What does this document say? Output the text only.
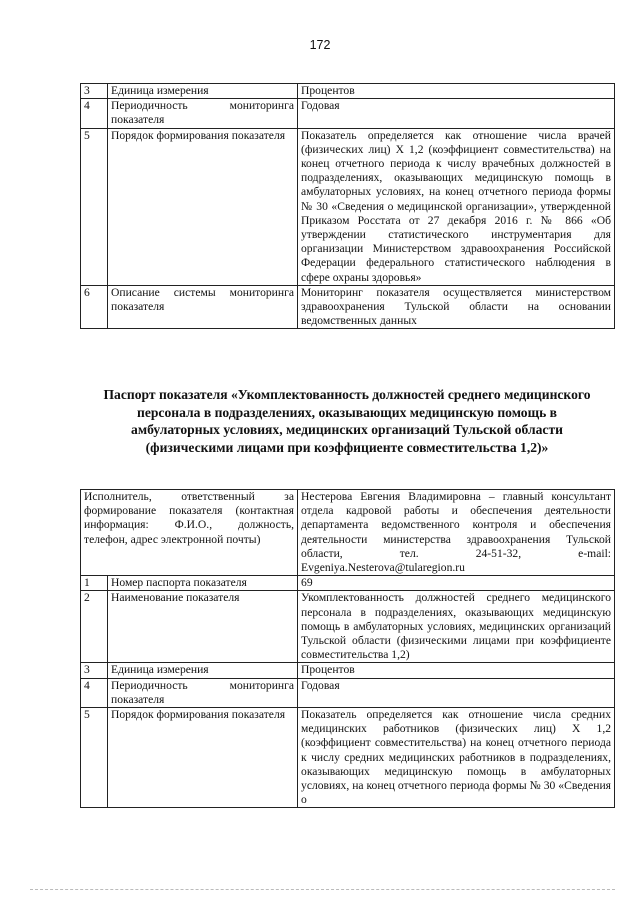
172
3	Единица измерения	Процентов
4	Периодичность мониторинга показателя	Годовая
5	Порядок формирования показателя	Показатель определяется как отношение числа врачей (физических лиц) Х 1,2 (коэффициент совместительства) на конец отчетного периода к числу врачебных должностей в подразделениях, оказывающих медицинскую помощь в амбулаторных условиях, на конец отчетного периода формы № 30 «Сведения о медицинской организации», утвержденной Приказом Росстата от 27 декабря 2016 г. № 866 «Об утверждении статистического инструментария для организации Министерством здравоохранения Российской Федерации федерального статистического наблюдения в сфере охраны здоровья»
6	Описание системы мониторинга показателя	Мониторинг показателя осуществляется министерством здравоохранения Тульской области на основании ведомственных данных
Паспорт показателя «Укомплектованность должностей среднего медицинского персонала в подразделениях, оказывающих медицинскую помощь в амбулаторных условиях, медицинских организаций Тульской области (физическими лицами при коэффициенте совместительства 1,2)»
Исполнитель, ответственный за формирование показателя (контактная информация: Ф.И.О., должность, телефон, адрес электронной почты)		Нестерова Евгения Владимировна – главный консультант отдела кадровой работы и обеспечения деятельности департамента ведомственного контроля и обеспечения деятельности министерства здравоохранения Тульской области, тел. 24-51-32, e-mail: Evgeniya.Nesterova@tularegion.ru
1	Номер паспорта показателя	69
2	Наименование показателя	Укомплектованность должностей среднего медицинского персонала в подразделениях, оказывающих медицинскую помощь в амбулаторных условиях, медицинских организаций Тульской области (физическими лицами при коэффициенте совместительства 1,2)
3	Единица измерения	Процентов
4	Периодичность мониторинга показателя	Годовая
5	Порядок формирования показателя	Показатель определяется как отношение числа средних медицинских работников (физических лиц) Х 1,2 (коэффициент совместительства) на конец отчетного периода к числу средних медицинских работников в подразделениях, оказывающих медицинскую помощь в амбулаторных условиях, на конец отчетного периода формы № 30 «Сведения о
